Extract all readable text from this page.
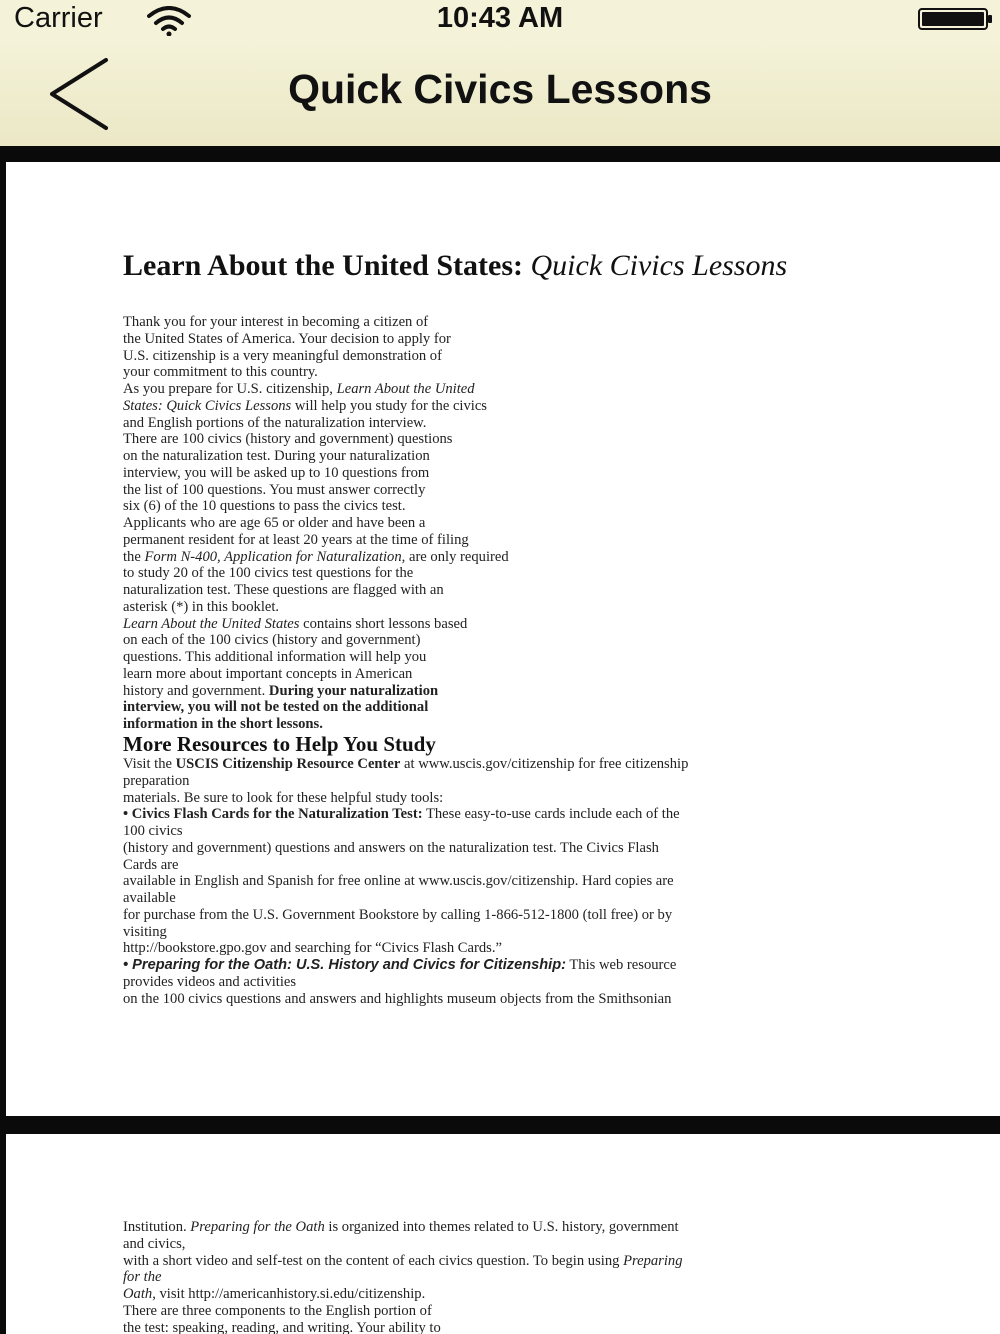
Carrier	10:43 AM
Quick Civics Lessons
Learn About the United States: Quick Civics Lessons
Thank you for your interest in becoming a citizen of
the United States of America. Your decision to apply for
U.S. citizenship is a very meaningful demonstration of
your commitment to this country.
As you prepare for U.S. citizenship, Learn About the United
States: Quick Civics Lessons will help you study for the civics
and English portions of the naturalization interview.
There are 100 civics (history and government) questions
on the naturalization test. During your naturalization
interview, you will be asked up to 10 questions from
the list of 100 questions. You must answer correctly
six (6) of the 10 questions to pass the civics test.
Applicants who are age 65 or older and have been a
permanent resident for at least 20 years at the time of filing
the Form N-400, Application for Naturalization, are only required
to study 20 of the 100 civics test questions for the
naturalization test. These questions are flagged with an
asterisk (*) in this booklet.
Learn About the United States contains short lessons based
on each of the 100 civics (history and government)
questions. This additional information will help you
learn more about important concepts in American
history and government. During your naturalization
interview, you will not be tested on the additional
information in the short lessons.
More Resources to Help You Study
Visit the USCIS Citizenship Resource Center at www.uscis.gov/citizenship for free citizenship
preparation
materials. Be sure to look for these helpful study tools:
• Civics Flash Cards for the Naturalization Test: These easy-to-use cards include each of the
100 civics
(history and government) questions and answers on the naturalization test. The Civics Flash
Cards are
available in English and Spanish for free online at www.uscis.gov/citizenship. Hard copies are
available
for purchase from the U.S. Government Bookstore by calling 1-866-512-1800 (toll free) or by
visiting
http://bookstore.gpo.gov and searching for “Civics Flash Cards.”
• Preparing for the Oath: U.S. History and Civics for Citizenship: This web resource
provides videos and activities
on the 100 civics questions and answers and highlights museum objects from the Smithsonian
Institution. Preparing for the Oath is organized into themes related to U.S. history, government
and civics,
with a short video and self-test on the content of each civics question. To begin using Preparing
for the
Oath, visit http://americanhistory.si.edu/citizenship.
There are three components to the English portion of
the test: speaking, reading, and writing. Your ability to
